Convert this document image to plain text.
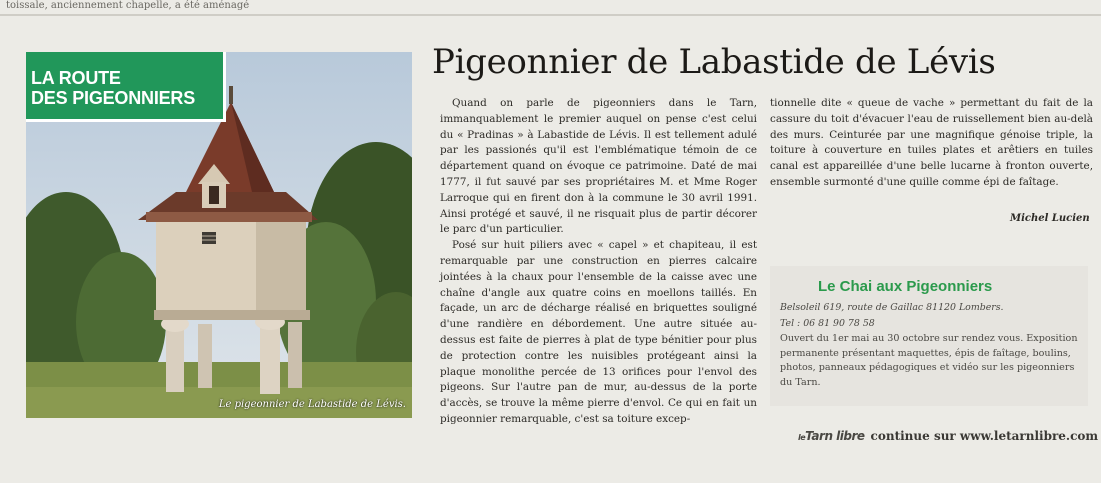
toissale, anciennement chapelle, a été aménagé
LA ROUTE
DES PIGEONNIERS
Le pigeonnier de Labastide de Lévis.
Pigeonnier de Labastide de Lévis

Quand on parle de pigeonniers dans le Tarn, immanquablement le premier auquel on pense c'est celui du « Pradinas » à Labastide de Lévis. Il est tellement adulé par les passionés qu'il est l'emblématique témoin de ce département quand on évoque ce patrimoine. Daté de mai 1777, il fut sauvé par ses propriétaires M. et Mme Roger Larroque qui en firent don à la commune le 30 avril 1991. Ainsi protégé et sauvé, il ne risquait plus de partir décorer le parc d'un particulier.

Posé sur huit piliers avec « capel » et chapiteau, il est remarquable par une construction en pierres calcaire jointées à la chaux pour l'ensemble de la caisse avec une chaîne d'angle aux quatre coins en moellons taillés. En façade, un arc de décharge réalisé en briquettes souligné d'une randière en débordement. Une autre située au-dessus est faite de pierres à plat de type bénitier pour plus de protection contre les nuisibles protégeant ainsi la plaque monolithe percée de 13 orifices pour l'envol des pigeons. Sur l'autre pan de mur, au-dessus de la porte d'accès, se trouve la même pierre d'envol. Ce qui en fait un pigeonnier remarquable, c'est sa toiture excep-

tionnelle dite « queue de vache » permettant du fait de la cassure du toit d'évacuer l'eau de ruissellement bien au-delà des murs. Ceinturée par une magnifique génoise triple, la toiture à couverture en tuiles plates et arêtiers en tuiles canal est appareillée d'une belle lucarne à fronton ouverte, ensemble surmonté d'une quille comme épi de faîtage.

Michel Lucien
Le Chai aux Pigeonniers
Belsoleil 619, route de Gaillac 81120 Lombers.
Tel : 06 81 90 78 58
Ouvert du 1er mai au 30 octobre sur rendez vous. Exposition permanente présentant maquettes, épis de faîtage, boulins, photos, panneaux pédagogiques et vidéo sur les pigeonniers du Tarn.
leTarn libre continue sur www.letarnlibre.com
